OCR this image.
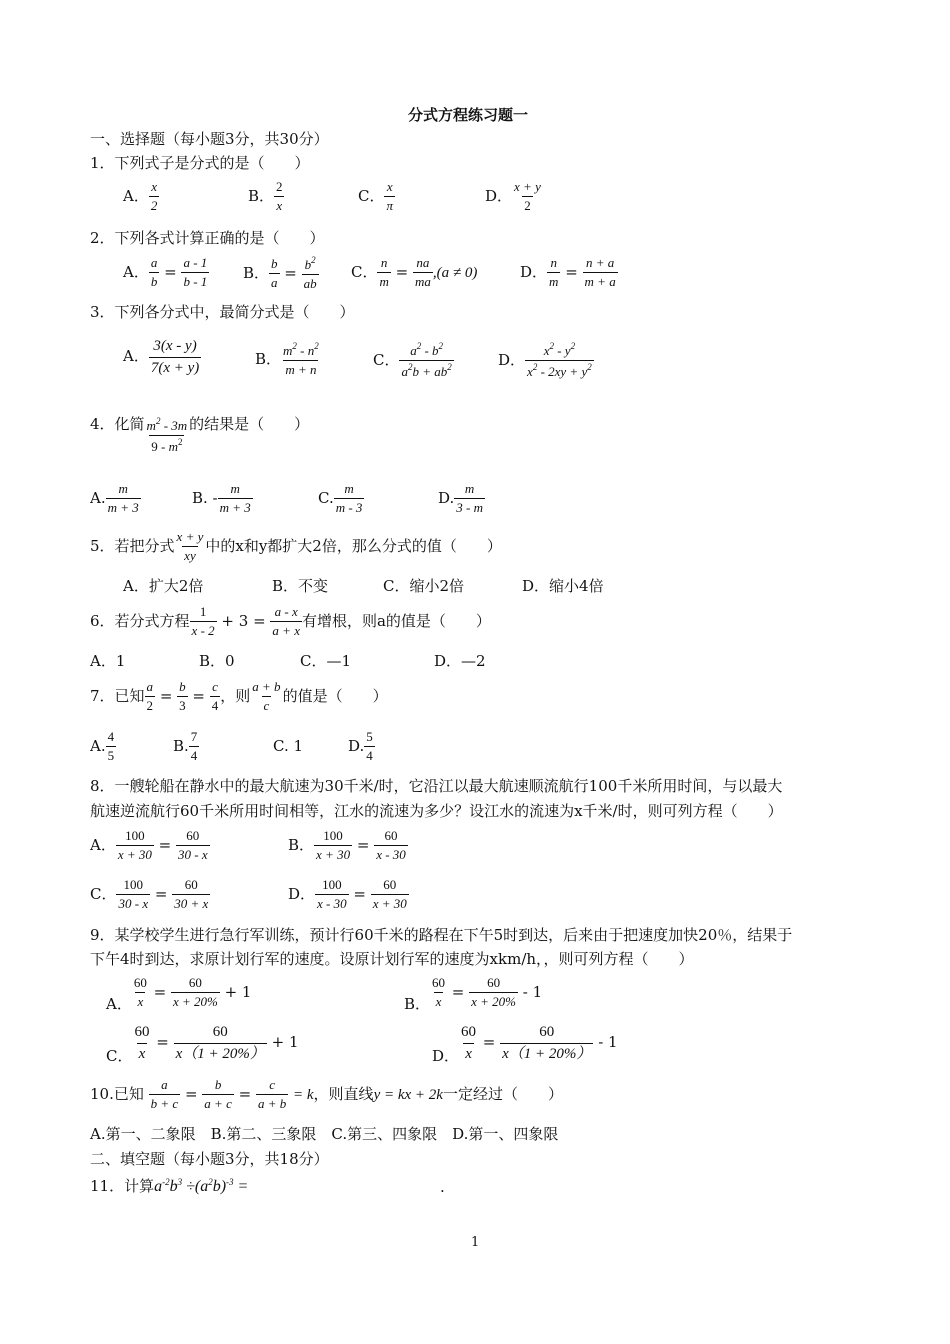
分式方程练习题一
一、选择题（每小题3分，共30分）
1．下列式子是分式的是（　　）
A． $\frac{x}{2}$	B． $\frac{2}{x}$	C． $\frac{x}{\pi}$	D． $\frac{x + y}{2}$
2．下列各式计算正确的是（　　）
A． $\frac{a}{b} = \frac{a - 1}{b - 1}$ B． $\frac{b}{a} = \frac{b^2}{ab}$ C． $\frac{n}{m} = \frac{na}{ma} ,(a \ne 0)$	D． $\frac{n}{m} = \frac{n + a}{m + a}$
3．下列各分式中，最简分式是（　　）
A． $\frac{3(x - y)}{7(x + y)}$	B． $\frac{m^2 - n^2}{m + n}$	C． $\frac{a^2 - b^2}{a^2b + ab^2}$	D． $\frac{x^2 - y^2}{x^2 - 2xy + y^2}$
4．化简 $\frac{m^2 - 3m}{9 - m^2}$ 的结果是（　　）
A. $\frac{m}{m + 3}$	B. - $\frac{m}{m + 3}$	C. $\frac{m}{m - 3}$	D. $\frac{m}{3 - m}$
5．若把分式 $\frac{x + y}{xy}$ 中的x和y都扩大2倍，那么分式的值（　　）
A．扩大2倍	B．不变	C．缩小2倍	D．缩小4倍
6．若分式方程 $\frac{1}{x - 2} + 3 = \frac{a - x}{a + x}$ 有增根，则a的值是（　　）
A．1	B．0	C．—1	D．—2
7．已知 $\frac{a}{2} = \frac{b}{3} = \frac{c}{4}$ ，则 $\frac{a + b}{c}$ 的值是（　　）
A. $\frac{4}{5}$	B. $\frac{7}{4}$	C. 1	D. $\frac{5}{4}$
8．一艘轮船在静水中的最大航速为30千米/时，它沿江以最大航速顺流航行100千米所用时间，与以最大
航速逆流航行60千米所用时间相等，江水的流速为多少？设江水的流速为x千米/时，则可列方程（　　）
A． $\frac{100}{x + 30} = \frac{60}{30 - x}$	B． $\frac{100}{x + 30} = \frac{60}{x - 30}$
C． $\frac{100}{30 - x} = \frac{60}{30 + x}$	D． $\frac{100}{x - 30} = \frac{60}{x + 30}$
9．某学校学生进行急行军训练，预计行60千米的路程在下午5时到达，后来由于把速度加快20％，结果于
下午4时到达，求原计划行军的速度。设原计划行军的速度为xkm/h，，则可列方程（　　）
A． $\frac{60}{x} = \frac{60}{x + 20\%} + 1$
B． $\frac{60}{x} = \frac{60}{x + 20\%} - 1$
C． $\frac{60}{x} = \frac{60}{x(1 + 20\%)} + 1$
D． $\frac{60}{x} = \frac{60}{x(1 + 20\%)} - 1$
10.已知 $\frac{a}{b + c} = \frac{b}{a + c} = \frac{c}{a + b} = k$，则直线y = kx + 2k一定经过（　　）
A.第一、二象限　B.第二、三象限　C.第三、四象限　D.第一、四象限
二、填空题（每小题3分，共18分）
11．计算$a^{-2}b^3 \div(a^2b)^{-3}$ =	.
1
